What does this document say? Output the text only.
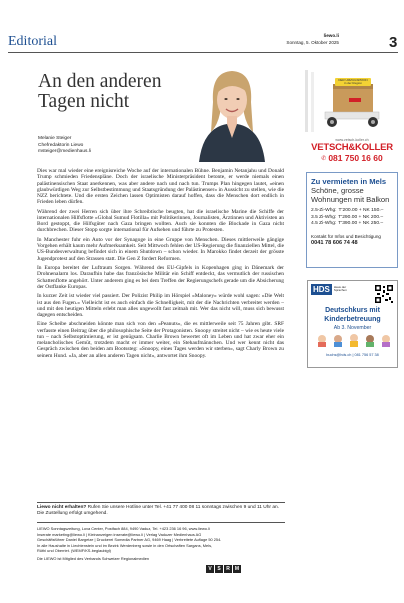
Editorial	liewo.li
Sonntag, 5. Oktober 2025	3
An den anderen Tagen nicht
Melanie Steiger
Chefredaktorin Liewo
msteiger@medienhaus.li

Dies war mal wieder eine ereignisreiche Woche auf der internationalen Bühne. Benjamin Netanjahu und Donald Trump schmieden Friedenspläne. Doch der israelische Ministerpräsident betonte, er werde niemals einen palästinensischen Staat anerkennen, was aber andere nach und nach tun. Trumps Plan hingegen lautet, «einen glaubwürdigen Weg zur Selbstbestimmung und Staatsgründung der Palästinenser» in Aussicht zu stellen, wie die NZZ berichtete. Und die ersten Zeichen lassen Optimisten darauf hoffen, dass die Menschen dort endlich in Frieden leben dürfen.

Während der zwei Herren sich über ihre Schreibtische beugten, hat die israelische Marine die Schiffe der internationalen Hilfsflotte «Global Sumud Flotilla» mit Politikerinnen, Journalisten, Ärztinnen und Aktivisten an Bord gestoppt, die Hilfsgüter nach Gaza bringen wollten. Auch sie konnten die Blockade in Gaza nicht durchbrechen. Dieser Stopp sorgte international für Aufsehen und führte zu Protesten.

In Manchester fuhr ein Auto vor der Synagoge in eine Gruppe von Menschen. Dieses mittlerweile gängige Vorgehen erhält kaum mehr Aufmerksamkeit. Seit Mittwoch fehlen der US-Regierung die finanziellen Mittel, die US-Bundesverwaltung befindet sich in einem Shutdown – schon wieder. In Marokko findet derzeit der grösste Jugendprotest auf den Strassen statt. Die Gen Z fordert Reformen.

In Europa bereitet der Luftraum Sorgen. Während des EU-Gipfels in Kopenhagen ging in Dänemark der Drohnenalarm los. Daraufhin habe das französische Militär ein Schiff entdeckt, das vermutlich der russischen Schattenflotte angehört. Unter anderem ging es bei dem Treffen der Regierungschefs gerade um die Absicherung der Ostflanke Europas.

In kurzer Zeit ist wieder viel passiert. Der Polizist Philip im Hörspiel «Maloney» würde wohl sagen: «Die Welt ist aus den Fugen.» Vielleicht ist es auch einfach die Schnelligkeit, mit der die Nachrichten verbreitet werden – und mit den heutigen Mitteln erlebt man alles ungewollt fast zeitnah mit. Wer das nicht will, muss sich bewusst dagegen entscheiden.

Eine Scheibe abschneiden könnte man sich von den «Peanuts», die es mittlerweile seit 75 Jahren gibt. SRF verfasste einen Beitrag über die philosophische Seite der Protagonisten. Snoopy streitet nicht – wie es heute viele tun – nach Selbstoptimierung, er ist genügsam. Charlie Brown bewertet oft im Leben und hat zwar eher ein melancholisches Gemüt, trotzdem macht er immer weiter, ein Stehaufmännchen. Und wer kennt nicht das Gespräch zwischen den beiden am Bootssteg: «Snoopy, eines Tages werden wir sterben», sagt Charly Brown zu seinem Hund. «Ja, aber an allen anderen Tagen nicht», antwortet ihm Snoopy.

DER UMZUGSPROFI in der Region
www.vetsch-koller.ch
VETSCH&KOLLER
✆ 081 750 16 60
Zu vermieten in Mels
Schöne, grosse Wohnungen mit Balkon
2.5-Zi-Whg: T'200.00 + NK 150.–
3.5 Zi-Whg: T'290.00 + NK 200.–
4.5 Zi-Whg: T'390.00 + NK 250.–
Kontakt für Infos und Besichtigung
0041 78 606 74 48
HDS	Haus der Sprachen
Deutschkurs mit Kinderbetreuung
Ab 3. November
buchs@hds.ch | 081 756 57 38
Liewo nicht erhalten? Rufen Sie unsere Hotline unter Tel. +41 77 400 08 11 sonntags zwischen 9 und 11 Uhr an. Die Zustellung erfolgt umgehend.
LIEWO Sonntagszeitung, Lova Center, Postfach 884, 9490 Vaduz, Tel. +423 236 16 96, www.liewo.li
Inserate marketing@liewo.li | Kleinanzeigen inserate@liewo.li | Verlag Vaduzer Medienhaus AG
Geschäftsführer Daniel Bargetze | Druckerei Somedia Partner AG, 9469 Haag | Verbreitete Auflage 50 254.
In alle Haushalte in Liechtenstein und im Bezirk Werdenberg sowie in den Ortschaften Sargans, Mels,
Rüthi und Oberriet. (WEMF/KS-beglaubigt)
Die LIEWO ist Mitglied des Verbands Schweizer Regionalmedien
V	S	R	M
